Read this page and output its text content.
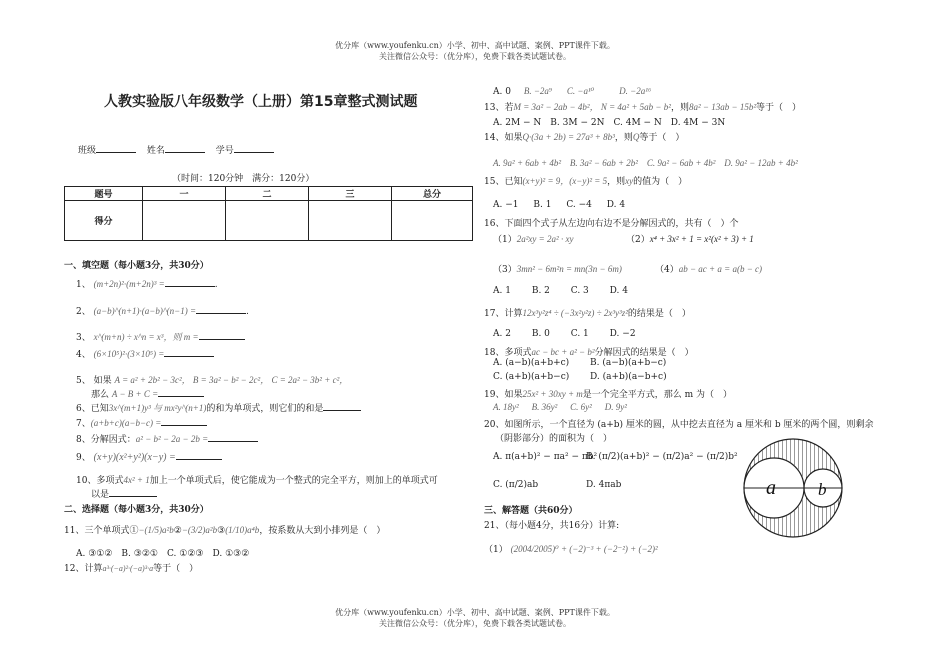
优分库（www.youfenku.cn）小学、初中、高中试题、案例、PPT课件下载。
关注微信公众号：（优分库），免费下载各类试题试卷。
优分库（www.youfenku.cn）小学、初中、高中试题、案例、PPT课件下载。
关注微信公众号：（优分库），免费下载各类试题试卷。
人教实验版八年级数学（上册）第15章整式测试题
班级	姓名	学号
（时间：120分钟　满分：120分）
题号	一	二	三	总分
得分				
一、填空题（每小题3分，共30分）
1、 (m+2n)²·(m+2n)³ =	.
2、 (a−b)^(n+1)·(a−b)^(n−1) =	.
3、 x^(m+n) ÷ x^n = x³，则 m =
4、 (6×10⁵)²·(3×10⁵) =
5、 如果 A = a² + 2b² − 3c²， B = 3a² − b² − 2c²， C = 2a² − 3b² + c²，
那么 A − B + C =
6、已知3x^(m+1)y³ 与 mx²y^(n+1)的和为单项式，则它们的和是
7、(a+b+c)(a−b−c) =
8、分解因式：a² − b² − 2a − 2b =
9、 (x+y)(x²+y²)(x−y) =
10、多项式4x² + 1加上一个单项式后，使它能成为一个整式的完全平方，则加上的单项式可
以是
二、选择题（每小题3分，共30分）
11、三个单项式①−(1/5)a²b②−(3/2)a²b③(1/10)a⁴b，按系数从大到小排列是（　）
A. ③①②　B. ③②①　C. ①②③　D. ①③②
12、计算a³·(−a)²·(−a)³·a等于（　）
A. 0 B. −2a⁹ C. −a¹⁰	D. −2a¹⁶
13、若M = 3a² − 2ab − 4b²， N = 4a² + 5ab − b²，则8a² − 13ab − 15b²等于（　）
A. 2M − N　B. 3M − 2N　C. 4M − N　D. 4M − 3N
14、如果Q·(3a + 2b) = 27a³ + 8b³，则Q等于（　）
A. 9a² + 6ab + 4b² B. 3a² − 6ab + 2b² C. 9a² − 6ab + 4b² D. 9a² − 12ab + 4b²
15、已知(x+y)² = 9，(x−y)² = 5，则xy的值为（　）
A. −1 B. 1 C. −4 D. 4
16、下面四个式子从左边向右边不是分解因式的，共有（　）个
（1）2a²xy = 2a² · xy	（2）x⁴ + 3x² + 1 = x²(x² + 3) + 1
（3）3mn² − 6m²n = mn(3n − 6m)	（4）ab − ac + a = a(b − c)
A. 1 B. 2 C. 3 D. 4
17、计算12x³y²z⁴ ÷ (−3x²y²z) ÷ 2x³y³z²的结果是（　）
A. 2 B. 0 C. 1 D. −2
18、多项式ac − bc + a² − b²分解因式的结果是（　）
A. (a−b)(a+b+c) B. (a−b)(a+b−c)
C. (a+b)(a+b−c) D. (a+b)(a−b+c)
19、如果25x² + 30xy + m是一个完全平方式，那么 m 为（　）
A. 18y² B. 36y² C. 6y² D. 9y²
20、如图所示，一个直径为 (a+b) 厘米的圆，从中挖去直径为 a 厘米和 b 厘米的两个圆，则剩余
（阴影部分）的面积为（　）
A. π(a+b)² − πa² − πb²
B. (π/2)(a+b)² − (π/2)a² − (π/2)b²
C. (π/2)ab	D. 4πab	a b
三、解答题（共60分）
21、（每小题4分，共16分）计算:
（1） (2004/2005)⁰ + (−2)⁻³ + (−2⁻²) + (−2)²
